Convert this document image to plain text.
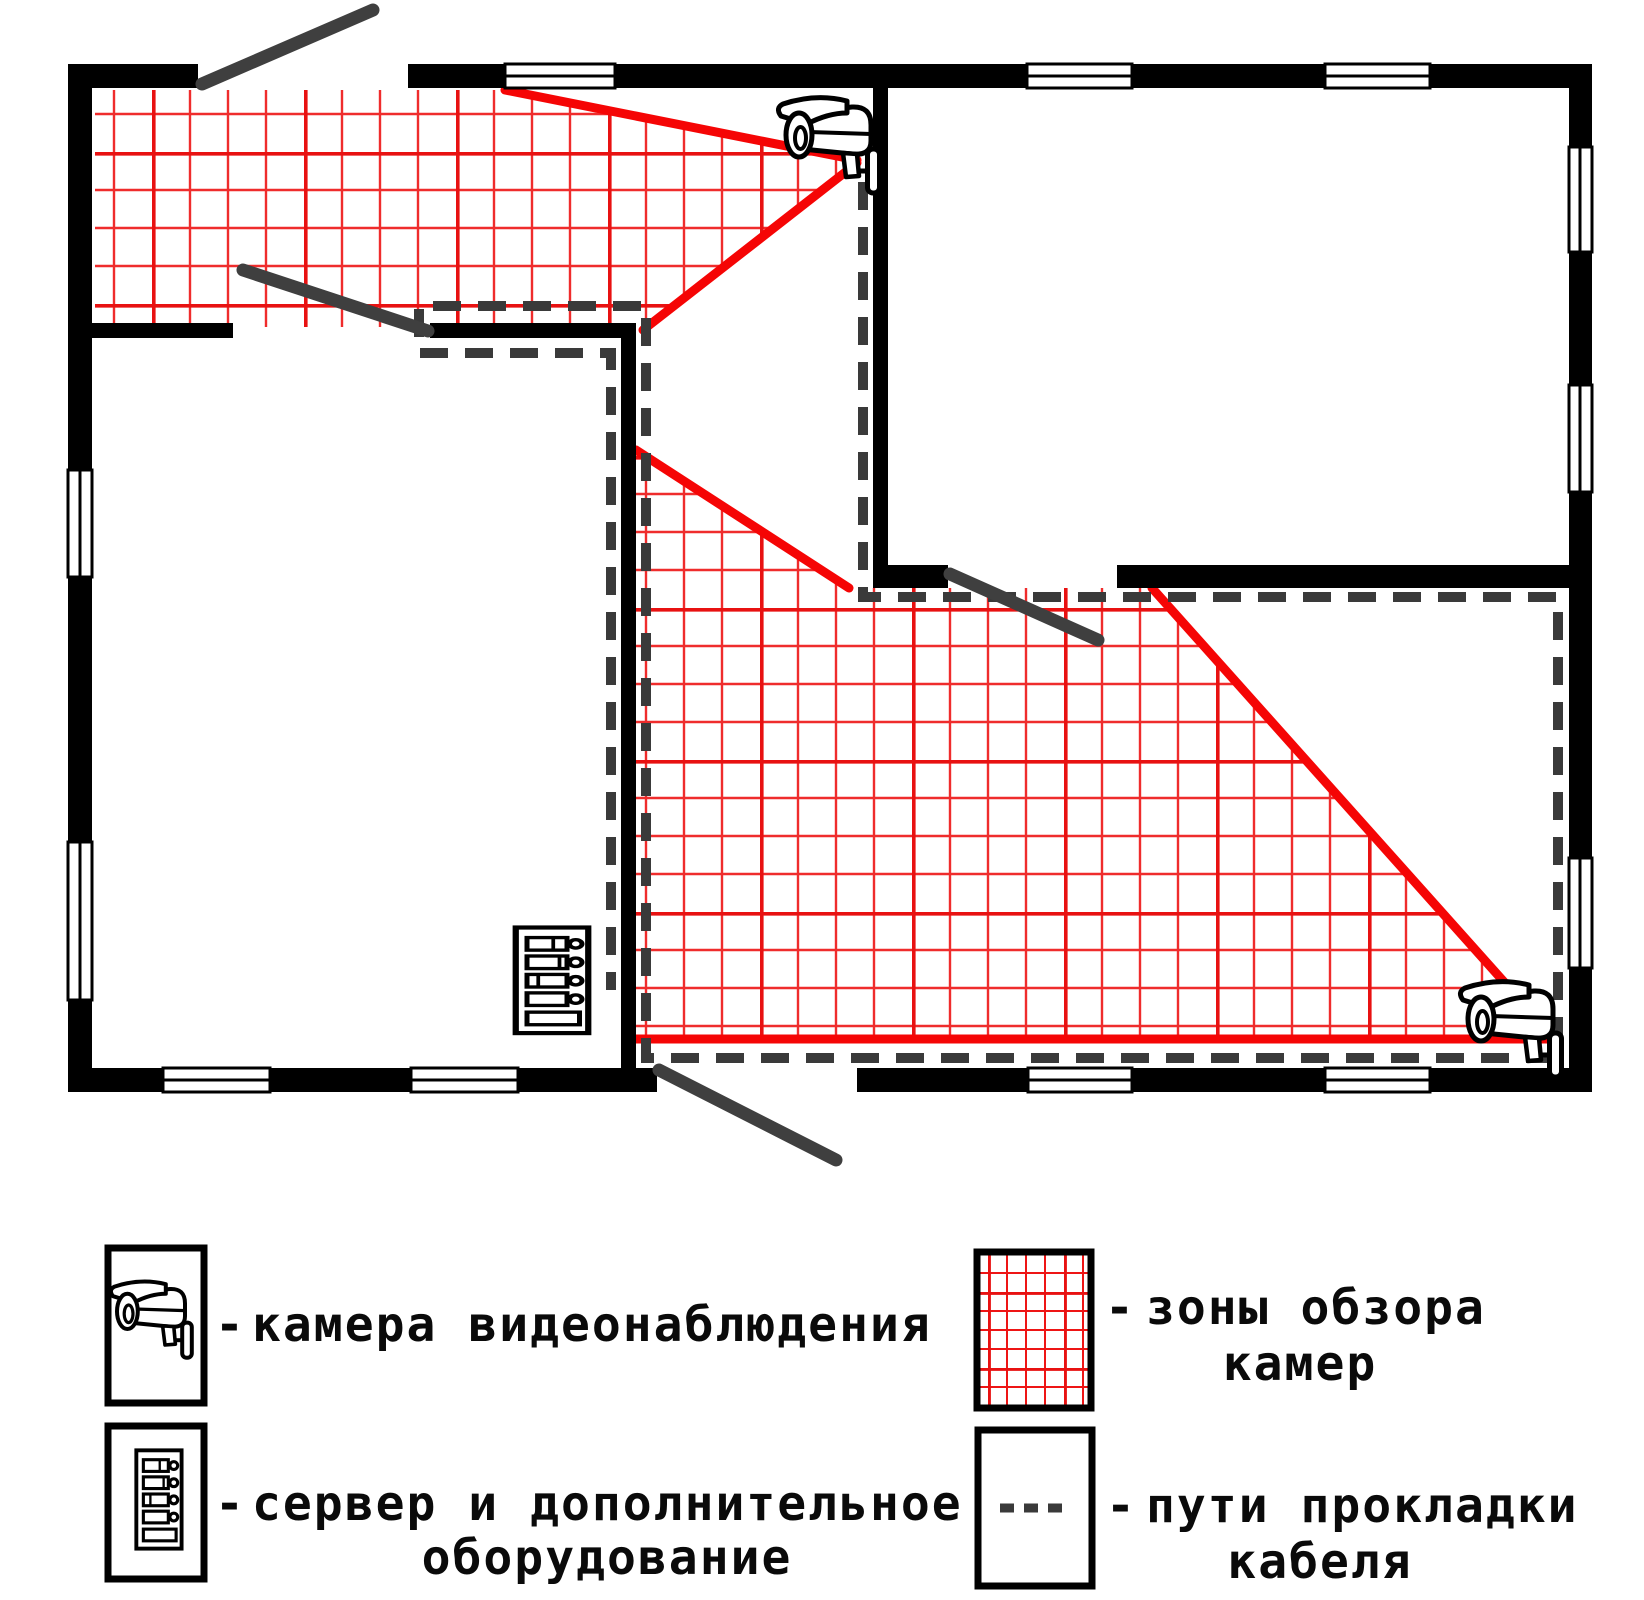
- камера видеонаблюдения
- сервер и дополнительное
оборудование
- зоны обзора
камер
- пути прокладки
кабеля
